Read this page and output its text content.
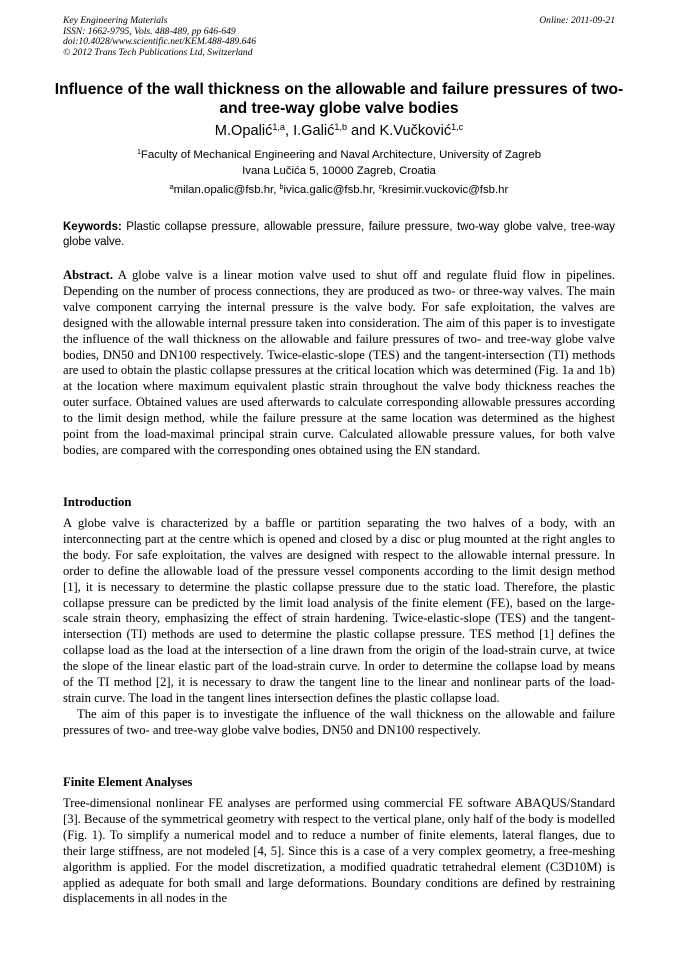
Key Engineering Materials
ISSN: 1662-9795, Vols. 488-489, pp 646-649
doi:10.4028/www.scientific.net/KEM.488-489.646
© 2012 Trans Tech Publications Ltd, Switzerland
Online: 2011-09-21
Influence of the wall thickness on the allowable and failure pressures of two- and tree-way globe valve bodies
M.Opalić$^{1,a}$, I.Galić$^{1,b}$ and K.Vučković$^{1,c}$
$^1$Faculty of Mechanical Engineering and Naval Architecture, University of Zagreb
Ivana Lučića 5, 10000 Zagreb, Croatia
$^a$milan.opalic@fsb.hr, $^b$ivica.galic@fsb.hr, $^c$kresimir.vuckovic@fsb.hr
Keywords: Plastic collapse pressure, allowable pressure, failure pressure, two-way globe valve, tree-way globe valve.

Abstract. A globe valve is a linear motion valve used to shut off and regulate fluid flow in pipelines. Depending on the number of process connections, they are produced as two- or three-way valves. The main valve component carrying the internal pressure is the valve body. For safe exploitation, the valves are designed with the allowable internal pressure taken into consideration. The aim of this paper is to investigate the influence of the wall thickness on the allowable and failure pressures of two- and tree-way globe valve bodies, DN50 and DN100 respectively. Twice-elastic-slope (TES) and the tangent-intersection (TI) methods are used to obtain the plastic collapse pressures at the critical location which was determined (Fig. 1a and 1b) at the location where maximum equivalent plastic strain throughout the valve body thickness reaches the outer surface. Obtained values are used afterwards to calculate corresponding allowable pressures according to the limit design method, while the failure pressure at the same location was determined as the highest point from the load-maximal principal strain curve. Calculated allowable pressure values, for both valve bodies, are compared with the corresponding ones obtained using the EN standard.

Introduction

A globe valve is characterized by a baffle or partition separating the two halves of a body, with an interconnecting part at the centre which is opened and closed by a disc or plug mounted at the right angles to the body. For safe exploitation, the valves are designed with respect to the allowable internal pressure. In order to define the allowable load of the pressure vessel components according to the limit design method [1], it is necessary to determine the plastic collapse pressure due to the static load. Therefore, the plastic collapse pressure can be predicted by the limit load analysis of the finite element (FE), based on the large-scale strain theory, emphasizing the effect of strain hardening. Twice-elastic-slope (TES) and the tangent-intersection (TI) methods are used to determine the plastic collapse pressure. TES method [1] defines the collapse load as the load at the intersection of a line drawn from the origin of the load-strain curve, at twice the slope of the linear elastic part of the load-strain curve. In order to determine the collapse load by means of the TI method [2], it is necessary to draw the tangent line to the linear and nonlinear parts of the load-strain curve. The load in the tangent lines intersection defines the plastic collapse load.

The aim of this paper is to investigate the influence of the wall thickness on the allowable and failure pressures of two- and tree-way globe valve bodies, DN50 and DN100 respectively.

Finite Element Analyses

Tree-dimensional nonlinear FE analyses are performed using commercial FE software ABAQUS/Standard [3]. Because of the symmetrical geometry with respect to the vertical plane, only half of the body is modelled (Fig. 1). To simplify a numerical model and to reduce a number of finite elements, lateral flanges, due to their large stiffness, are not modeled [4, 5]. Since this is a case of a very complex geometry, a free-meshing algorithm is applied. For the model discretization, a modified quadratic tetrahedral element (C3D10M) is applied as adequate for both small and large deformations. Boundary conditions are defined by restraining displacements in all nodes in the
